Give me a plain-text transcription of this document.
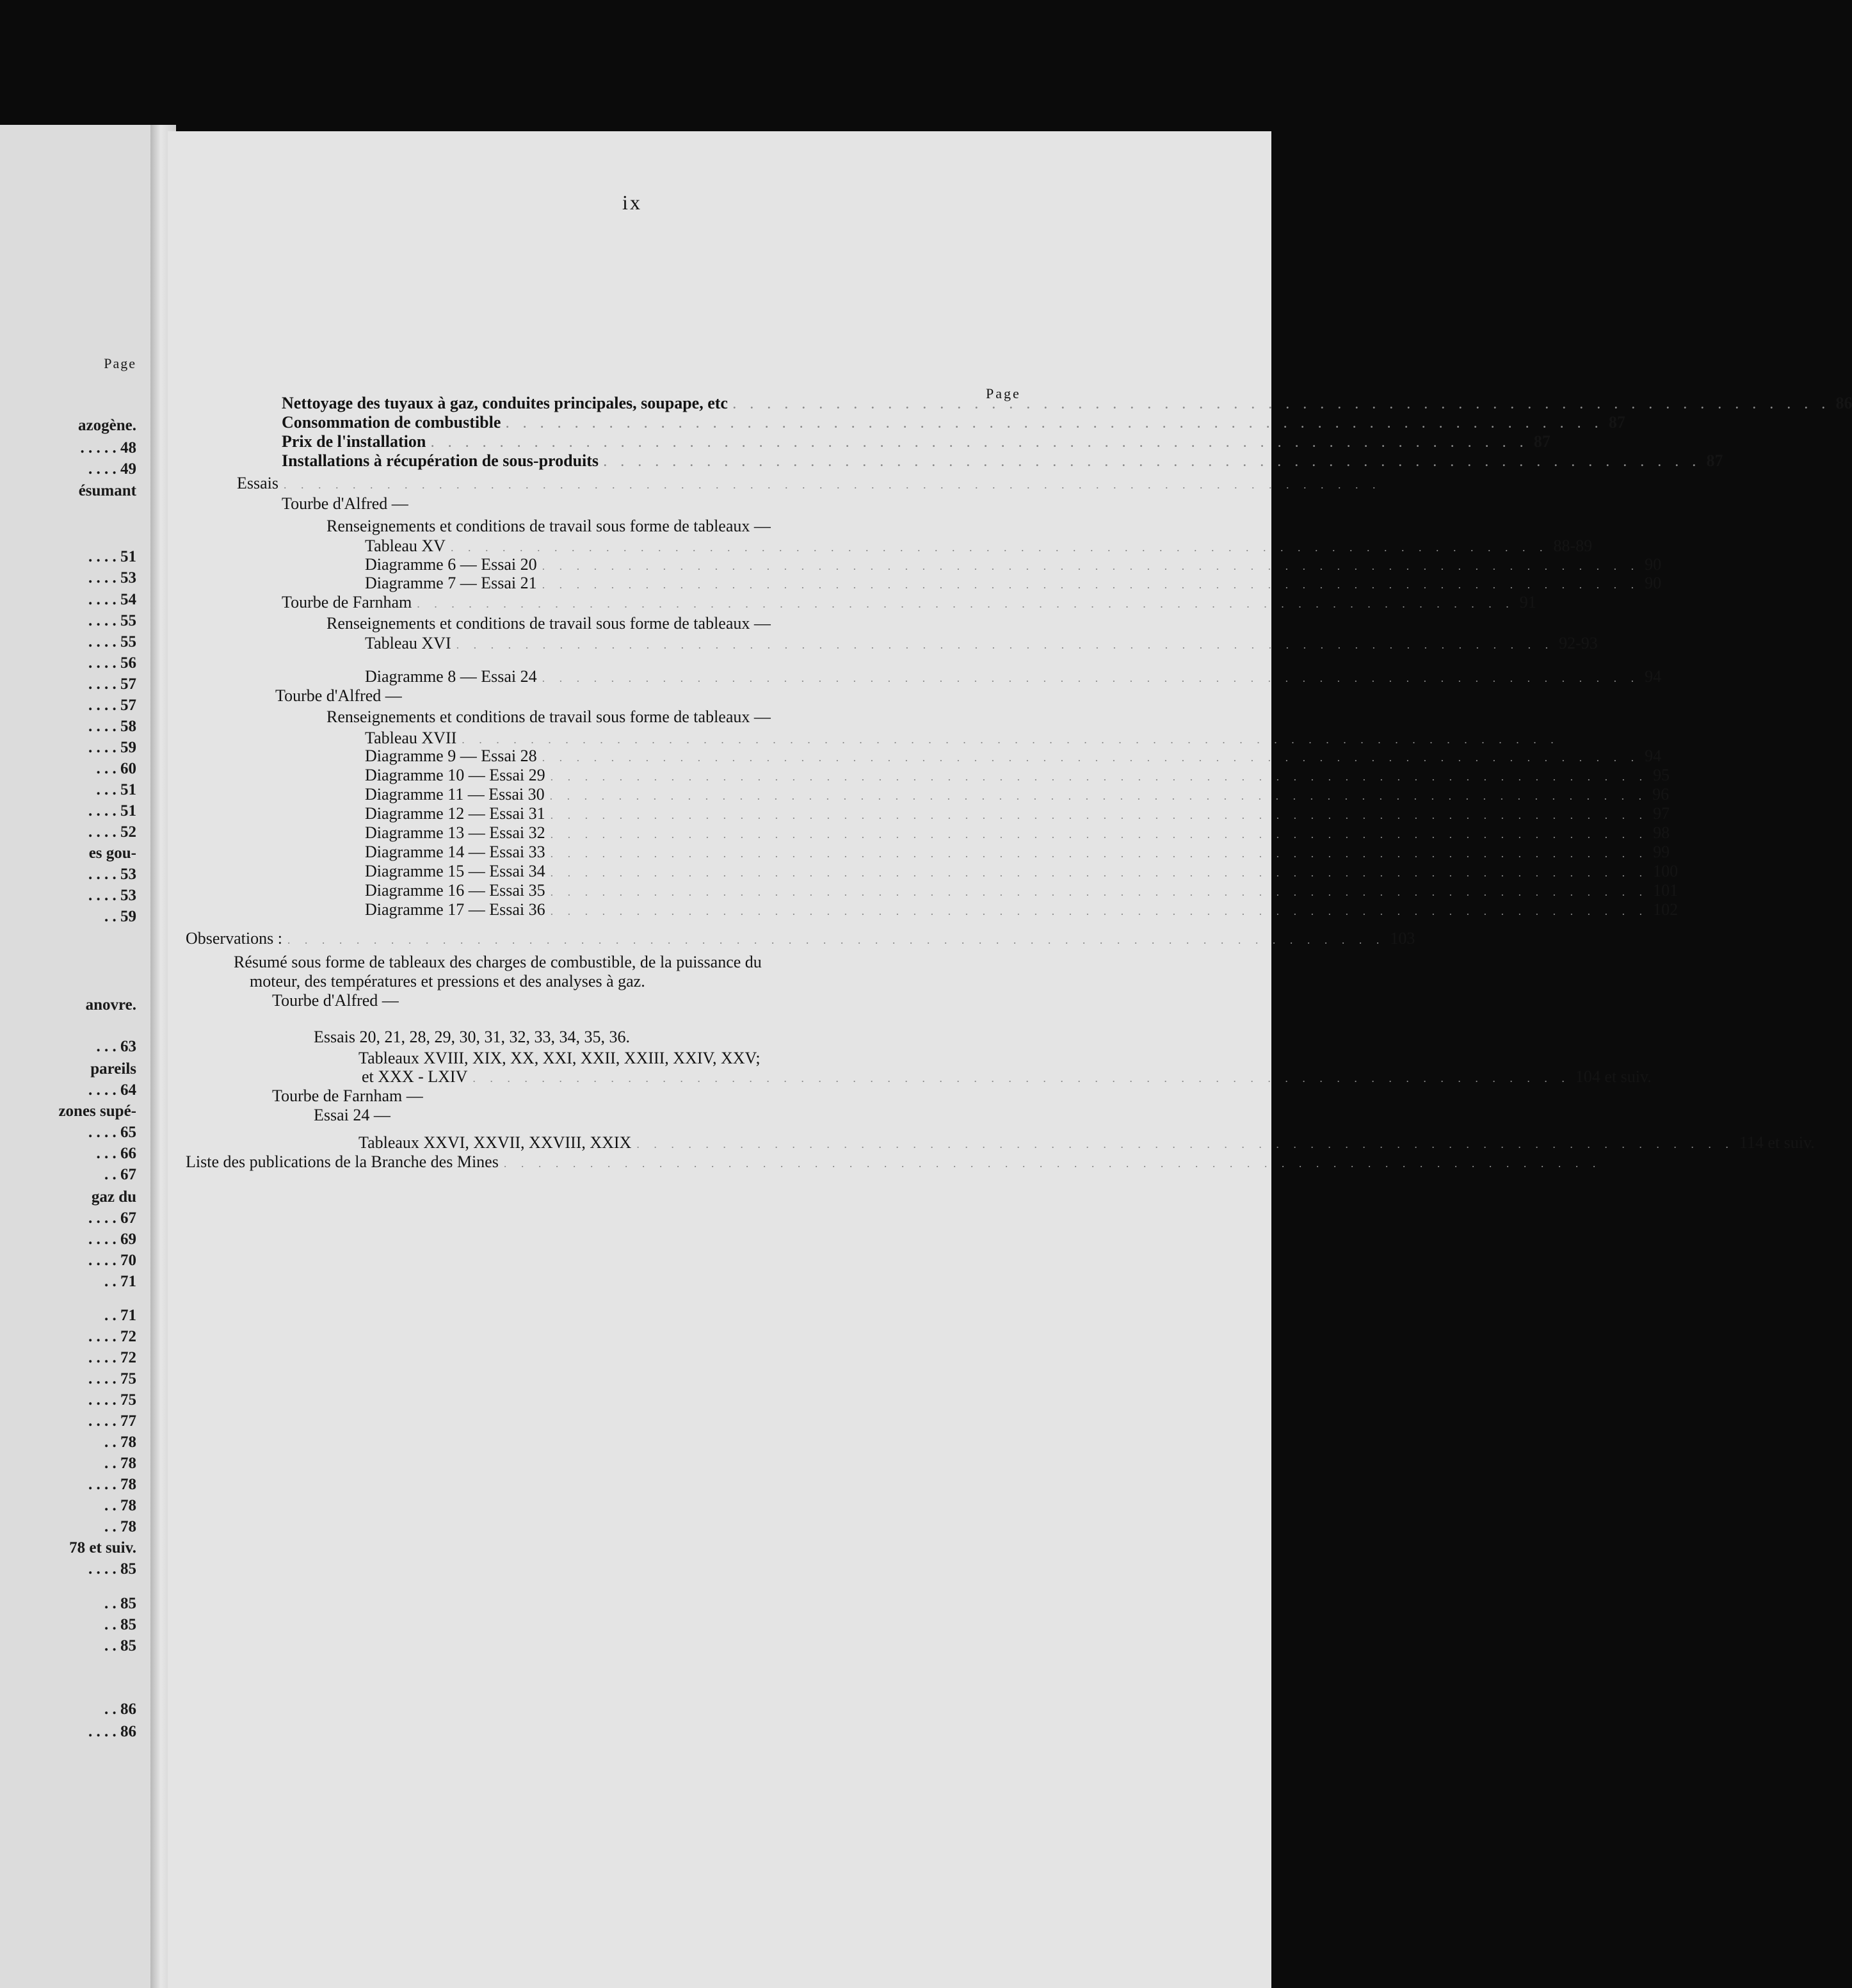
Page
azogène.
. . . . . 48
. . . . 49
ésumant
. . . . 51
. . . . 53
. . . . 54
. . . . 55
. . . . 55
. . . . 56
. . . . 57
. . . . 57
. . . . 58
. . . . 59
. . . 60
. . . 51
. . . . 51
. . . . 52
es gou-
. . . . 53
. . . . 53
. . 59
anovre.
. . . 63
pareils
. . . . 64
zones supé-
. . . . 65
. . . 66
. . 67
gaz du
. . . . 67
. . . . 69
. . . . 70
. . 71
. . 71
. . . . 72
. . . . 72
. . . . 75
. . . . 75
. . . . 77
. . 78
. . 78
. . . . 78
. . 78
. . 78
78 et suiv.
. . . . 85
. . 85
. . 85
. . 85
. . 86
. . . . 86
ix
Page
Nettoyage des tuyaux à gaz, conduites principales, soupape, etc . . . . . . . . . . . . . . . . . . . . . . . . . . . . . . . . . . . . . . . . . . . . . . . . . . . . . . . . . . . . . . . . 86
Consommation de combustible . . . . . . . . . . . . . . . . . . . . . . . . . . . . . . . . . . . . . . . . . . . . . . . . . . . . . . . . . . . . . . . . 87
Prix de l'installation . . . . . . . . . . . . . . . . . . . . . . . . . . . . . . . . . . . . . . . . . . . . . . . . . . . . . . . . . . . . . . . . 87
Installations à récupération de sous-produits . . . . . . . . . . . . . . . . . . . . . . . . . . . . . . . . . . . . . . . . . . . . . . . . . . . . . . . . . . . . . . . . 87
Essais . . . . . . . . . . . . . . . . . . . . . . . . . . . . . . . . . . . . . . . . . . . . . . . . . . . . . . . . . . . . . . . .
Tourbe d'Alfred —
Renseignements et conditions de travail sous forme de tableaux —
Tableau XV . . . . . . . . . . . . . . . . . . . . . . . . . . . . . . . . . . . . . . . . . . . . . . . . . . . . . . . . . . . . . . . . 88-89
Diagramme 6 — Essai 20 . . . . . . . . . . . . . . . . . . . . . . . . . . . . . . . . . . . . . . . . . . . . . . . . . . . . . . . . . . . . . . . . 90
Diagramme 7 — Essai 21 . . . . . . . . . . . . . . . . . . . . . . . . . . . . . . . . . . . . . . . . . . . . . . . . . . . . . . . . . . . . . . . . 90
Tourbe de Farnham . . . . . . . . . . . . . . . . . . . . . . . . . . . . . . . . . . . . . . . . . . . . . . . . . . . . . . . . . . . . . . . . 91
Renseignements et conditions de travail sous forme de tableaux —
Tableau XVI . . . . . . . . . . . . . . . . . . . . . . . . . . . . . . . . . . . . . . . . . . . . . . . . . . . . . . . . . . . . . . . . 92-93
Diagramme 8 — Essai 24 . . . . . . . . . . . . . . . . . . . . . . . . . . . . . . . . . . . . . . . . . . . . . . . . . . . . . . . . . . . . . . . . 94
Tourbe d'Alfred —
Renseignements et conditions de travail sous forme de tableaux —
Tableau XVII . . . . . . . . . . . . . . . . . . . . . . . . . . . . . . . . . . . . . . . . . . . . . . . . . . . . . . . . . . . . . . . .
Diagramme 9 — Essai 28 . . . . . . . . . . . . . . . . . . . . . . . . . . . . . . . . . . . . . . . . . . . . . . . . . . . . . . . . . . . . . . . . 94
Diagramme 10 — Essai 29 . . . . . . . . . . . . . . . . . . . . . . . . . . . . . . . . . . . . . . . . . . . . . . . . . . . . . . . . . . . . . . . . 95
Diagramme 11 — Essai 30 . . . . . . . . . . . . . . . . . . . . . . . . . . . . . . . . . . . . . . . . . . . . . . . . . . . . . . . . . . . . . . . . 96
Diagramme 12 — Essai 31 . . . . . . . . . . . . . . . . . . . . . . . . . . . . . . . . . . . . . . . . . . . . . . . . . . . . . . . . . . . . . . . . 97
Diagramme 13 — Essai 32 . . . . . . . . . . . . . . . . . . . . . . . . . . . . . . . . . . . . . . . . . . . . . . . . . . . . . . . . . . . . . . . . 98
Diagramme 14 — Essai 33 . . . . . . . . . . . . . . . . . . . . . . . . . . . . . . . . . . . . . . . . . . . . . . . . . . . . . . . . . . . . . . . . 99
Diagramme 15 — Essai 34 . . . . . . . . . . . . . . . . . . . . . . . . . . . . . . . . . . . . . . . . . . . . . . . . . . . . . . . . . . . . . . . . 100
Diagramme 16 — Essai 35 . . . . . . . . . . . . . . . . . . . . . . . . . . . . . . . . . . . . . . . . . . . . . . . . . . . . . . . . . . . . . . . . 101
Diagramme 17 — Essai 36 . . . . . . . . . . . . . . . . . . . . . . . . . . . . . . . . . . . . . . . . . . . . . . . . . . . . . . . . . . . . . . . . 102
Observations : . . . . . . . . . . . . . . . . . . . . . . . . . . . . . . . . . . . . . . . . . . . . . . . . . . . . . . . . . . . . . . . . 103
Résumé sous forme de tableaux des charges de combustible, de la puissance du
moteur, des températures et pressions et des analyses à gaz.
Tourbe d'Alfred —
Essais 20, 21, 28, 29, 30, 31, 32, 33, 34, 35, 36.
Tableaux XVIII, XIX, XX, XXI, XXII, XXIII, XXIV, XXV;
et XXX - LXIV . . . . . . . . . . . . . . . . . . . . . . . . . . . . . . . . . . . . . . . . . . . . . . . . . . . . . . . . . . . . . . . . 104 et suiv.
Tourbe de Farnham —
Essai 24 —
Tableaux XXVI, XXVII, XXVIII, XXIX . . . . . . . . . . . . . . . . . . . . . . . . . . . . . . . . . . . . . . . . . . . . . . . . . . . . . . . . . . . . . . . . 114 et suiv.
Liste des publications de la Branche des Mines . . . . . . . . . . . . . . . . . . . . . . . . . . . . . . . . . . . . . . . . . . . . . . . . . . . . . . . . . . . . . . . .
